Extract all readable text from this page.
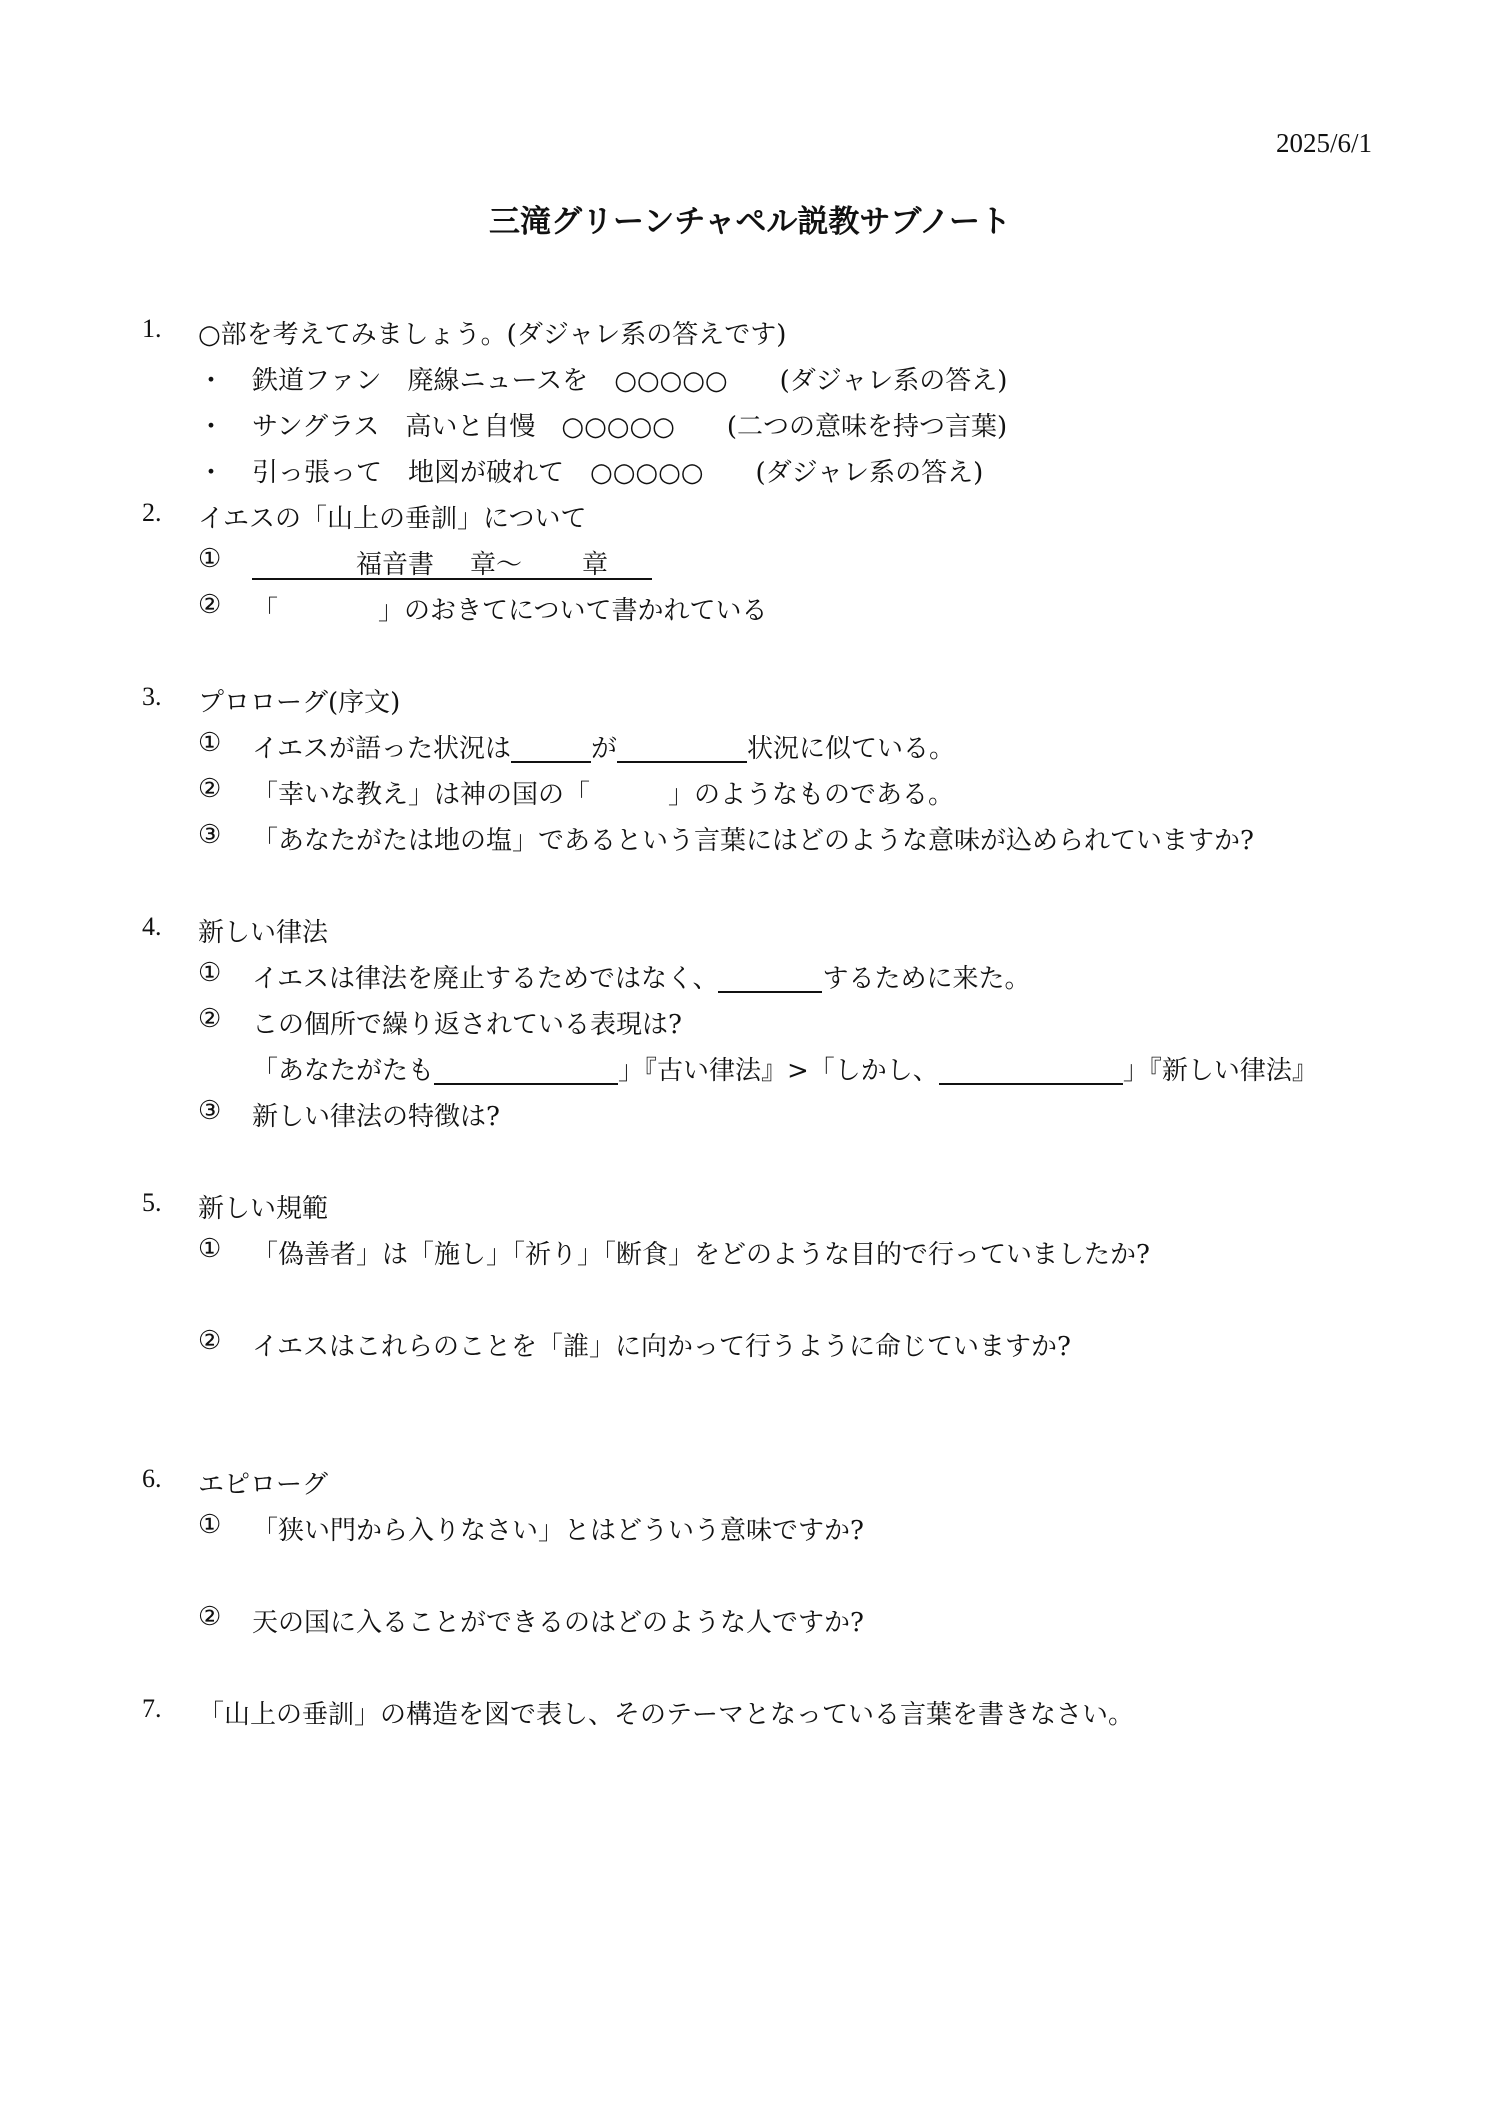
2025/6/1
三滝グリーンチャペル説教サブノート
1. ○部を考えてみましょう。(ダジャレ系の答えです)
・ 鉄道ファン 廃線ニュースを ○○○○○ (ダジャレ系の答え)
・ サングラス 高いと自慢 ○○○○○ (二つの意味を持つ言葉)
・ 引っ張って 地図が破れて ○○○○○ (ダジャレ系の答え)
2. イエスの「山上の垂訓」について
①	福音書 章〜 章
② 「	」のおきてについて書かれている
3. プロローグ(序文)
① イエスが語った状況は	が	状況に似ている。
② 「幸いな教え」は神の国の「	」のようなものである。
③ 「あなたがたは地の塩」であるという言葉にはどのような意味が込められていますか?
4. 新しい律法
① イエスは律法を廃止するためではなく、	するために来た。
② この個所で繰り返されている表現は?
「あなたがたも	」『古い律法』>「しかし、	」『新しい律法』
③ 新しい律法の特徴は?
5. 新しい規範
① 「偽善者」は「施し」「祈り」「断食」をどのような目的で行っていましたか?
② イエスはこれらのことを「誰」に向かって行うように命じていますか?
6. エピローグ
① 「狭い門から入りなさい」とはどういう意味ですか?
② 天の国に入ることができるのはどのような人ですか?
7. 「山上の垂訓」の構造を図で表し、そのテーマとなっている言葉を書きなさい。
